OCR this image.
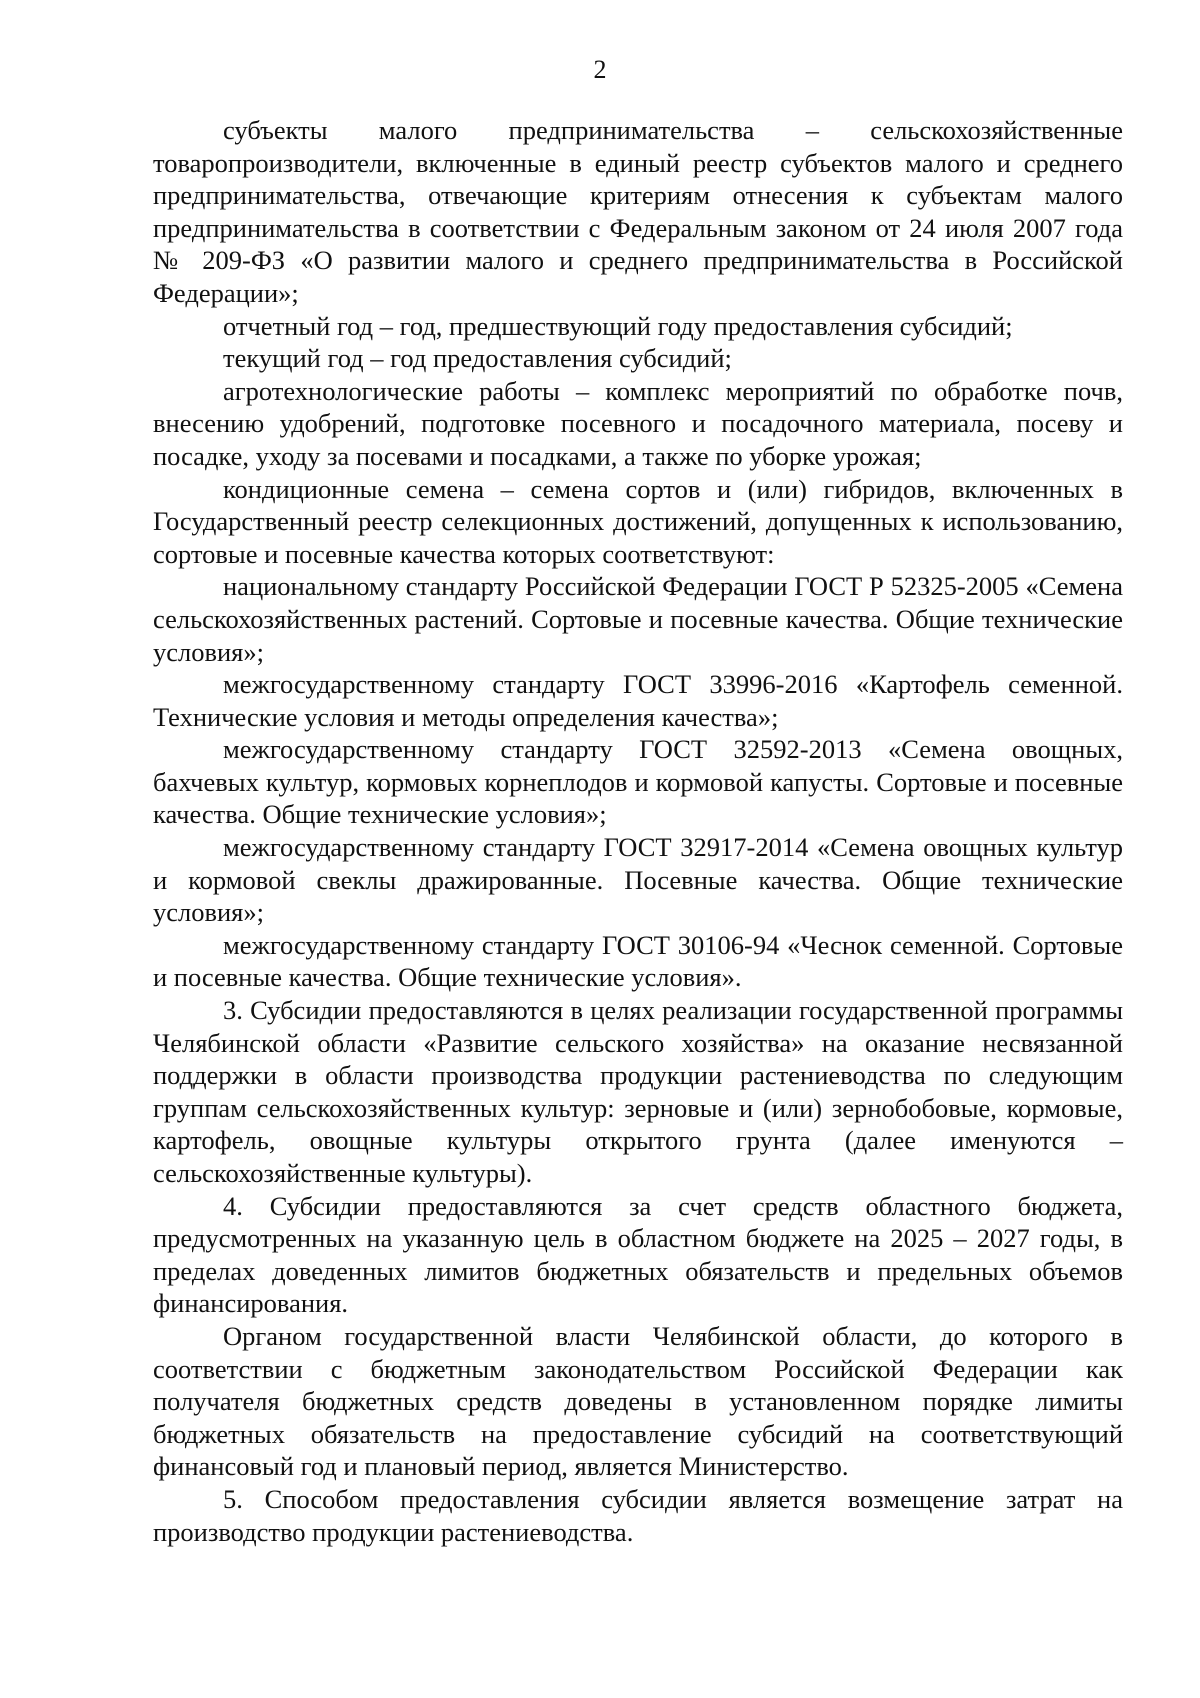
2

субъекты малого предпринимательства – сельскохозяйственные товаропроизводители, включенные в единый реестр субъектов малого и среднего предпринимательства, отвечающие критериям отнесения к субъектам малого предпринимательства в соответствии с Федеральным законом от 24 июля 2007 года № 209-ФЗ «О развитии малого и среднего предпринимательства в Российской Федерации»;

отчетный год – год, предшествующий году предоставления субсидий;

текущий год – год предоставления субсидий;

агротехнологические работы – комплекс мероприятий по обработке почв, внесению удобрений, подготовке посевного и посадочного материала, посеву и посадке, уходу за посевами и посадками, а также по уборке урожая;

кондиционные семена – семена сортов и (или) гибридов, включенных в Государственный реестр селекционных достижений, допущенных к использованию, сортовые и посевные качества которых соответствуют:

национальному стандарту Российской Федерации ГОСТ Р 52325-2005 «Семена сельскохозяйственных растений. Сортовые и посевные качества. Общие технические условия»;

межгосударственному стандарту ГОСТ 33996-2016 «Картофель семенной. Технические условия и методы определения качества»;

межгосударственному стандарту ГОСТ 32592-2013 «Семена овощных, бахчевых культур, кормовых корнеплодов и кормовой капусты. Сортовые и посевные качества. Общие технические условия»;

межгосударственному стандарту ГОСТ 32917-2014 «Семена овощных культур и кормовой свеклы дражированные. Посевные качества. Общие технические условия»;

межгосударственному стандарту ГОСТ 30106-94 «Чеснок семенной. Сортовые и посевные качества. Общие технические условия».

3. Субсидии предоставляются в целях реализации государственной программы Челябинской области «Развитие сельского хозяйства» на оказание несвязанной поддержки в области производства продукции растениеводства по следующим группам сельскохозяйственных культур: зерновые и (или) зернобобовые, кормовые, картофель, овощные культуры открытого грунта (далее именуются – сельскохозяйственные культуры).

4. Субсидии предоставляются за счет средств областного бюджета, предусмотренных на указанную цель в областном бюджете на 2025 – 2027 годы, в пределах доведенных лимитов бюджетных обязательств и предельных объемов финансирования.

Органом государственной власти Челябинской области, до которого в соответствии с бюджетным законодательством Российской Федерации как получателя бюджетных средств доведены в установленном порядке лимиты бюджетных обязательств на предоставление субсидий на соответствующий финансовый год и плановый период, является Министерство.

5. Способом предоставления субсидии является возмещение затрат на производство продукции растениеводства.
